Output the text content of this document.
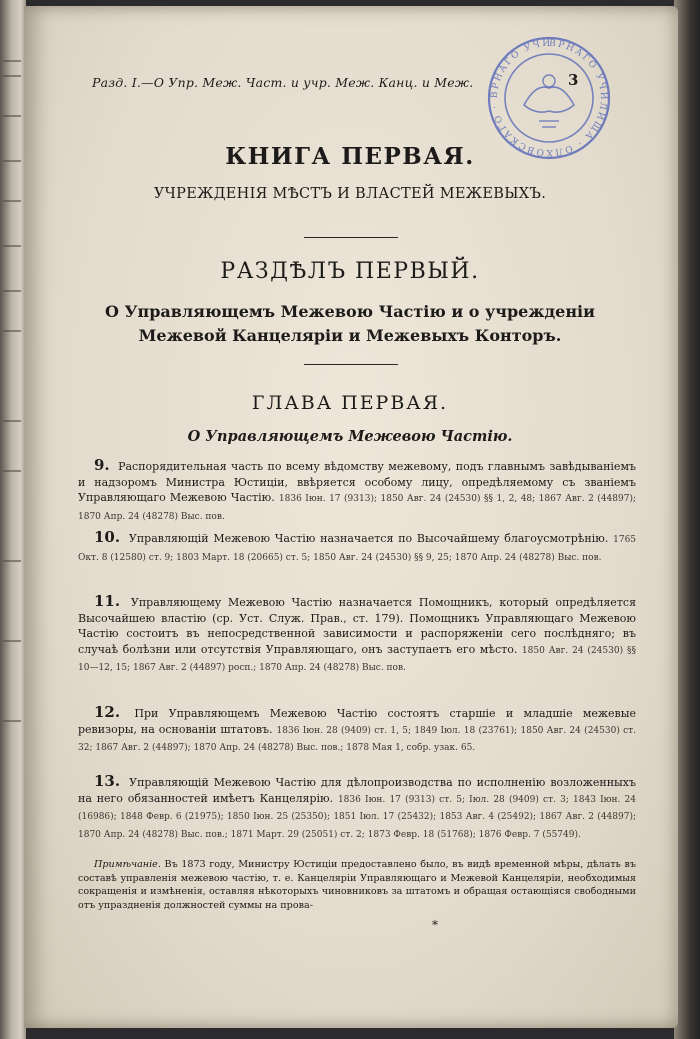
Разд. I.—О Упр. Меж. Част. и учр. Меж. Канц. и Меж.	3
ВРНАГО УЧИЛИЩА · ОЛХОВСКАГО · ВРНАГО УЧИ
КНИГА ПЕРВАЯ.
УЧРЕЖДЕНІЯ МѢСТЪ И ВЛАСТЕЙ МЕЖЕВЫХЪ.
РАЗДѢЛЪ ПЕРВЫЙ.
О Управляющемъ Межевою Частію и о учрежденіи
Межевой Канцеляріи и Межевыхъ Конторъ.
ГЛАВА ПЕРВАЯ.
О Управляющемъ Межевою Частію.
9. Распорядительная часть по всему вѣдомству межевому, подъ главнымъ завѣдываніемъ и надзоромъ Министра Юстиціи, ввѣряется особому лицу, опредѣляемому съ званіемъ Управляющаго Межевою Частію. 1836 Іюн. 17 (9313); 1850 Авг. 24 (24530) §§ 1, 2, 48; 1867 Авг. 2 (44897); 1870 Апр. 24 (48278) Выс. пов.
10. Управляющій Межевою Частію назначается по Высочайшему благоусмотрѣнію. 1765 Окт. 8 (12580) ст. 9; 1803 Март. 18 (20665) ст. 5; 1850 Авг. 24 (24530) §§ 9, 25; 1870 Апр. 24 (48278) Выс. пов.
11. Управляющему Межевою Частію назначается Помощникъ, который опредѣляется Высочайшею властію (ср. Уст. Служ. Прав., ст. 179). Помощникъ Управляющаго Межевою Частію состоитъ въ непосредственной зависимости и распоряженіи сего послѣдняго; въ случаѣ болѣзни или отсутствія Управляющаго, онъ заступаетъ его мѣсто. 1850 Авг. 24 (24530) §§ 10—12, 15; 1867 Авг. 2 (44897) росп.; 1870 Апр. 24 (48278) Выс. пов.
12. При Управляющемъ Межевою Частію состоятъ старшіе и младшіе межевые ревизоры, на основаніи штатовъ. 1836 Іюн. 28 (9409) ст. 1, 5; 1849 Іюл. 18 (23761); 1850 Авг. 24 (24530) ст. 32; 1867 Авг. 2 (44897); 1870 Апр. 24 (48278) Выс. пов.; 1878 Мая 1, собр. узак. 65.
13. Управляющій Межевою Частію для дѣлопроизводства по исполненію возложенныхъ на него обязанностей имѣетъ Канцелярію. 1836 Іюн. 17 (9313) ст. 5; Іюл. 28 (9409) ст. 3; 1843 Іюн. 24 (16986); 1848 Февр. 6 (21975); 1850 Іюн. 25 (25350); 1851 Іюл. 17 (25432); 1853 Авг. 4 (25492); 1867 Авг. 2 (44897); 1870 Апр. 24 (48278) Выс. пов.; 1871 Март. 29 (25051) ст. 2; 1873 Февр. 18 (51768); 1876 Февр. 7 (55749).
Примѣчаніе. Въ 1873 году, Министру Юстиціи предоставлено было, въ видѣ временной мѣры, дѣлать въ составѣ управленія межевою частію, т. е. Канцеляріи Управляющаго и Межевой Канцеляріи, необходимыя сокращенія и измѣненія, оставляя нѣкоторыхъ чиновниковъ за штатомъ и обращая остающіяся свободными отъ упраздненія должностей суммы на прова-
*
